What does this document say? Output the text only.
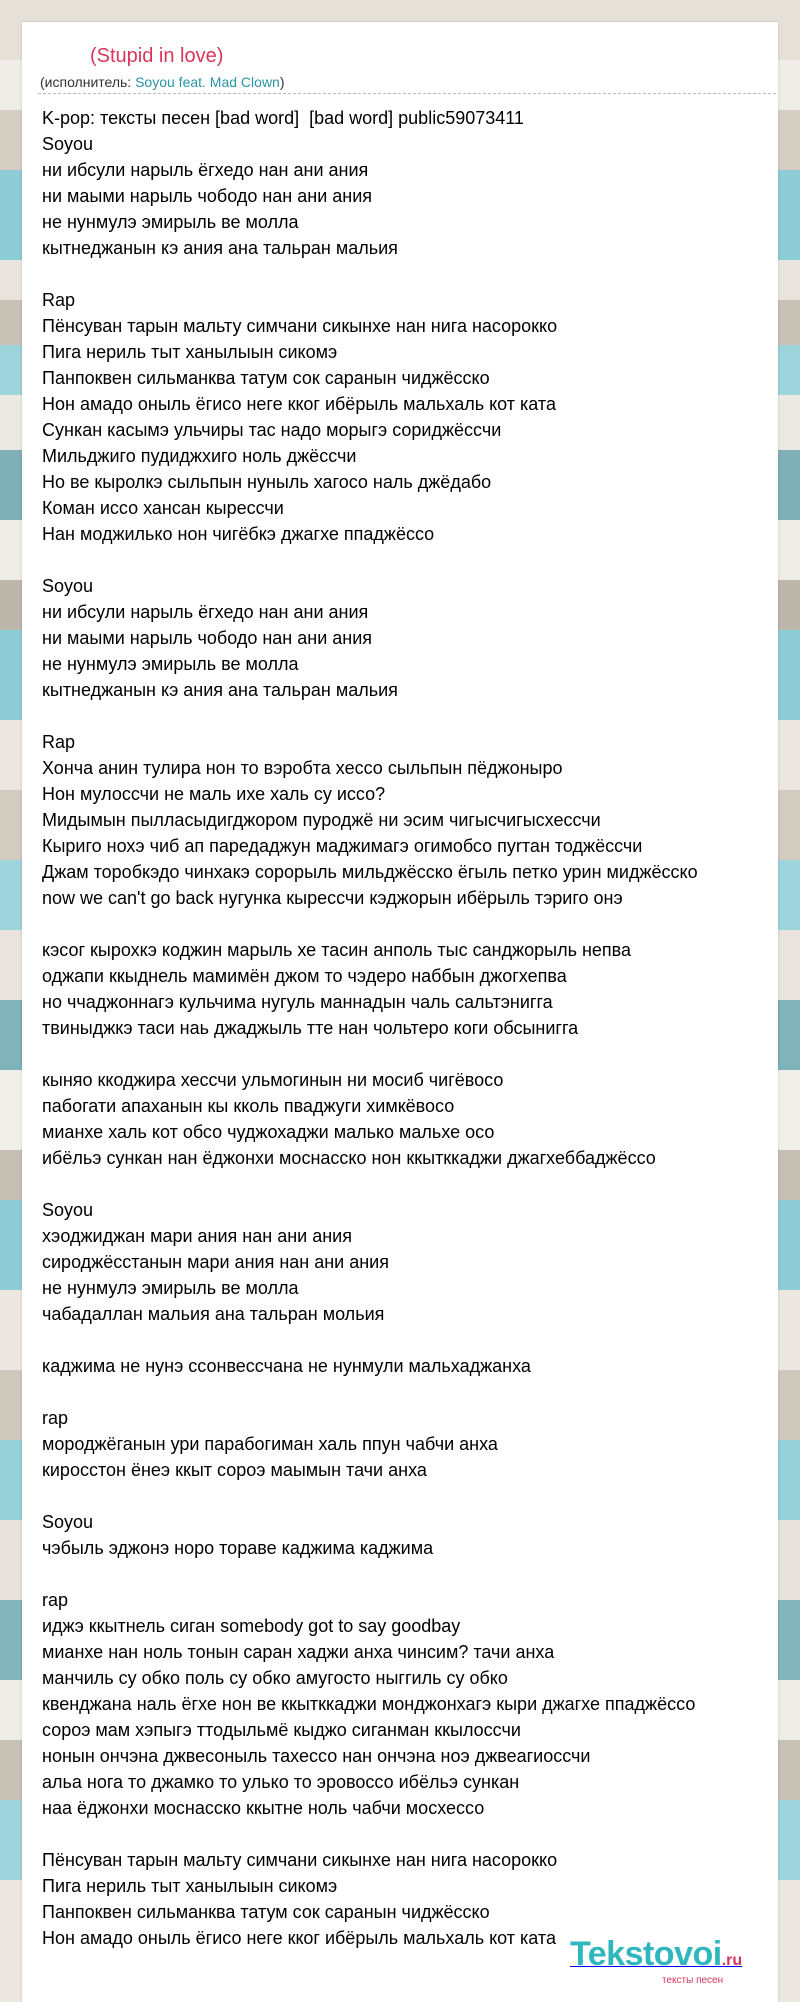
(Stupid in love)
(исполнитель: Soyou feat. Mad Clown)
K-pop: тексты песен [bad word]  [bad word] public59073411
Soyou
ни ибсули нарыль ёгхедо нан ани ания
ни маыми нарыль чободо нан ани ания
не нунмулэ эмирыль ве молла
кытнеджанын кэ ания ана тальран мальия

Rap
Пёнсуван тарын мальту симчани сикынхе нан нига насорокко
Пига нериль тыт ханылыын сикомэ
Панпоквен сильманква татум сок саранын чиджёсско
Нон амадо оныль ёгисо неге ккoг ибёрыль мальхаль кот ката
Сункан касымэ ульчиры тас надо морыгэ сориджёссчи
Мильджиго пудиджхиго ноль джёссчи
Но ве кыролкэ сыльпын нуныль хагосо наль джёдабо
Коман иссо хансан кырессчи
Нан моджилько нон чигёбкэ джагхе ппаджёссо

Soyou
ни ибсули нарыль ёгхедо нан ани ания
ни маыми нарыль чободо нан ани ания
не нунмулэ эмирыль ве молла
кытнеджанын кэ ания ана тальран мальия

Rap
Хонча анин тулира нон то вэробта хессо сыльпын пёджоныро
Нон мулоссчи не маль ихе халь су иссо?
Мидымын пылласыдигджором пуроджё ни эсим чигысчигысхессчи
Кыриго нохэ чиб ап паредаджун маджимагэ огимобсо пуrтан тоджёссчи
Джам торобкэдо чинхакэ сорорыль мильджёсско ёгыль петко урин миджёсско
now we can't go back нугунка кырессчи кэджорын ибёрыль тэриго онэ

кэсог кырохкэ коджин марыль хе тасин анполь тыс санджорыль непва
оджапи ккыднель мамимён джом то чэдеро наббын джогхепва
но ччаджоннагэ кульчима нугуль маннадын чаль сальтэнигга
твиныджкэ таси наь джаджыль тте нан чольтеро коги обсынигга

кыняо ккоджира хессчи ульмогинын ни мосиб чигёвосо
пабогати апаханын кы кколь пваджуги химкёвосо
мианхе халь кот обсо чуджохаджи малько мальхе осо
ибёльэ сункан нан ёджонхи моснасско нон ккытккаджи джагхеббаджёссо

Soyou
хэоджиджан мари ания нан ани ания
сироджёсстанын мари ания нан ани ания
не нунмулэ эмирыль ве молла
чабадаллан мальия ана тальран мольия

каджима не нунэ ссонвессчана не нунмули мальхаджанха

rap
мороджёганын ури парабогиман халь ппун чабчи анха
киросстон ёнеэ ккыт сороэ маымын тачи анха

Soyou
чэбыль эджонэ норо тораве каджима каджима

rap
иджэ ккытнель сиган somebody got to say goodbay
мианхе нан ноль тонын саран хаджи анха чинсим? тачи анха
манчиль су обко поль су обко амугосто ныггиль су обко
квенджана наль ёгхе нон ве ккытккаджи монджонхагэ кыри джагхе ппаджёссо
сороэ мам хэпыгэ ттодыльмё кыджо сиганман ккылоссчи
нонын ончэна джвесоныль тахессо нан ончэна ноэ джвеагиоссчи
альа нога то джамко то улько то эровоссо ибёльэ сункан
наа ёджонхи моснасско ккытне ноль чабчи мосхессо

Пёнсуван тарын мальту симчани сикынхе нан нига насорокко
Пига нериль тыт ханылыын сикомэ
Панпоквен сильманква татум сок саранын чиджёсско
Нон амадо оныль ёгисо неге ккoг ибёрыль мальхаль кот ката Tekstovoi.ru
тексты песен
